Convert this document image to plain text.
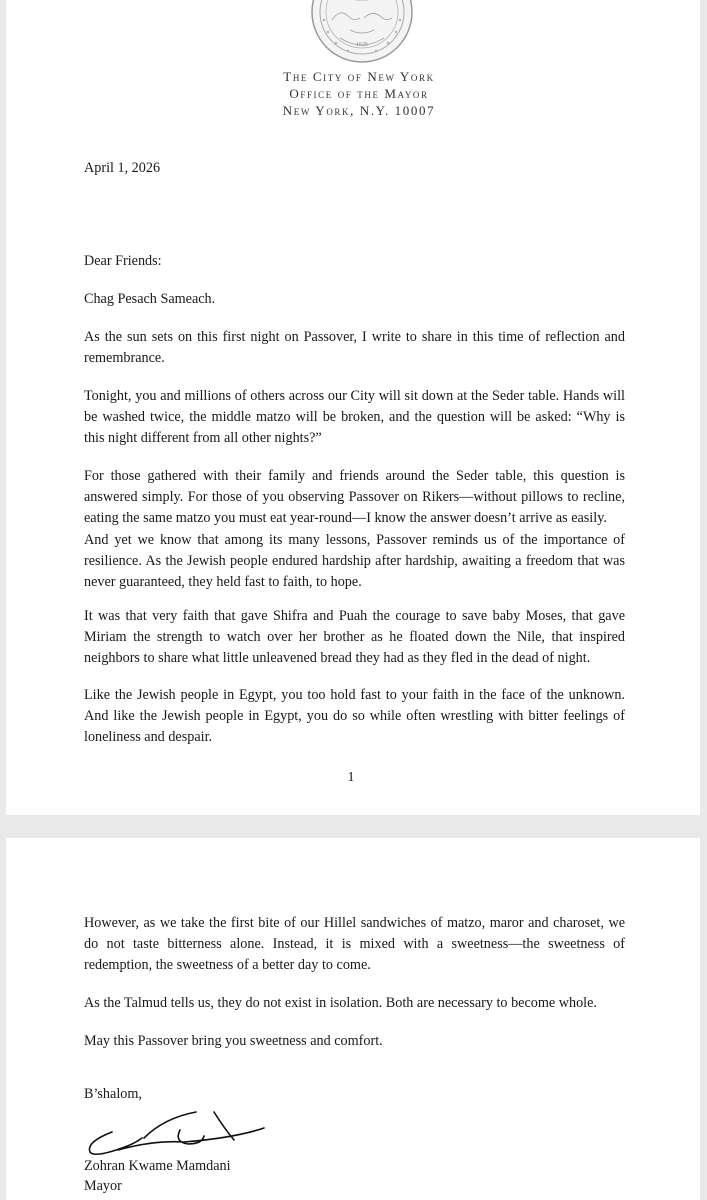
1625
The City of New York
Office of the Mayor
New York, N.Y. 10007

April 1, 2026

Dear Friends:

Chag Pesach Sameach.

As the sun sets on this first night on Passover, I write to share in this time of reflection and remembrance.

Tonight, you and millions of others across our City will sit down at the Seder table. Hands will be washed twice, the middle matzo will be broken, and the question will be asked: “Why is this night different from all other nights?”

For those gathered with their family and friends around the Seder table, this question is answered simply. For those of you observing Passover on Rikers—without pillows to recline, eating the same matzo you must eat year-round—I know the answer doesn’t arrive as easily.

And yet we know that among its many lessons, Passover reminds us of the importance of resilience. As the Jewish people endured hardship after hardship, awaiting a freedom that was never guaranteed, they held fast to faith, to hope.

It was that very faith that gave Shifra and Puah the courage to save baby Moses, that gave Miriam the strength to watch over her brother as he floated down the Nile, that inspired neighbors to share what little unleavened bread they had as they fled in the dead of night.

Like the Jewish people in Egypt, you too hold fast to your faith in the face of the unknown. And like the Jewish people in Egypt, you do so while often wrestling with bitter feelings of loneliness and despair.

1

However, as we take the first bite of our Hillel sandwiches of matzo, maror and charoset, we do not taste bitterness alone. Instead, it is mixed with a sweetness—the sweetness of redemption, the sweetness of a better day to come.

As the Talmud tells us, they do not exist in isolation. Both are necessary to become whole.

May this Passover bring you sweetness and comfort.

B’shalom,

Zohran Kwame Mamdani

Mayor
